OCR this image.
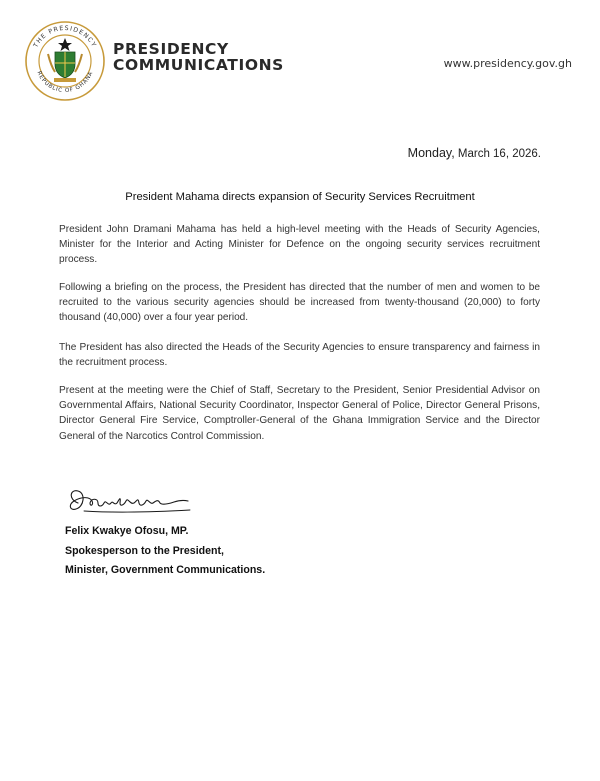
THE PRESIDENCY
REPUBLIC OF GHANA
PRESIDENCY
COMMUNICATIONS	www.presidency.gov.gh
Monday, March 16, 2026.
President Mahama directs expansion of Security Services Recruitment

President John Dramani Mahama has held a high-level meeting with the Heads of Security Agencies, Minister for the Interior and Acting Minister for Defence on the ongoing security services recruitment process.

Following a briefing on the process, the President has directed that the number of men and women to be recruited to the various security agencies should be increased from twenty-thousand (20,000) to forty thousand (40,000) over a four year period.

The President has also directed the Heads of the Security Agencies to ensure transparency and fairness in the recruitment process.

Present at the meeting were the Chief of Staff, Secretary to the President, Senior Presidential Advisor on Governmental Affairs, National Security Coordinator, Inspector General of Police, Director General Prisons, Director General Fire Service, Comptroller-General of the Ghana Immigration Service and the Director General of the Narcotics Control Commission.

Felix Kwakye Ofosu, MP.
Spokesperson to the President,
Minister, Government Communications.
